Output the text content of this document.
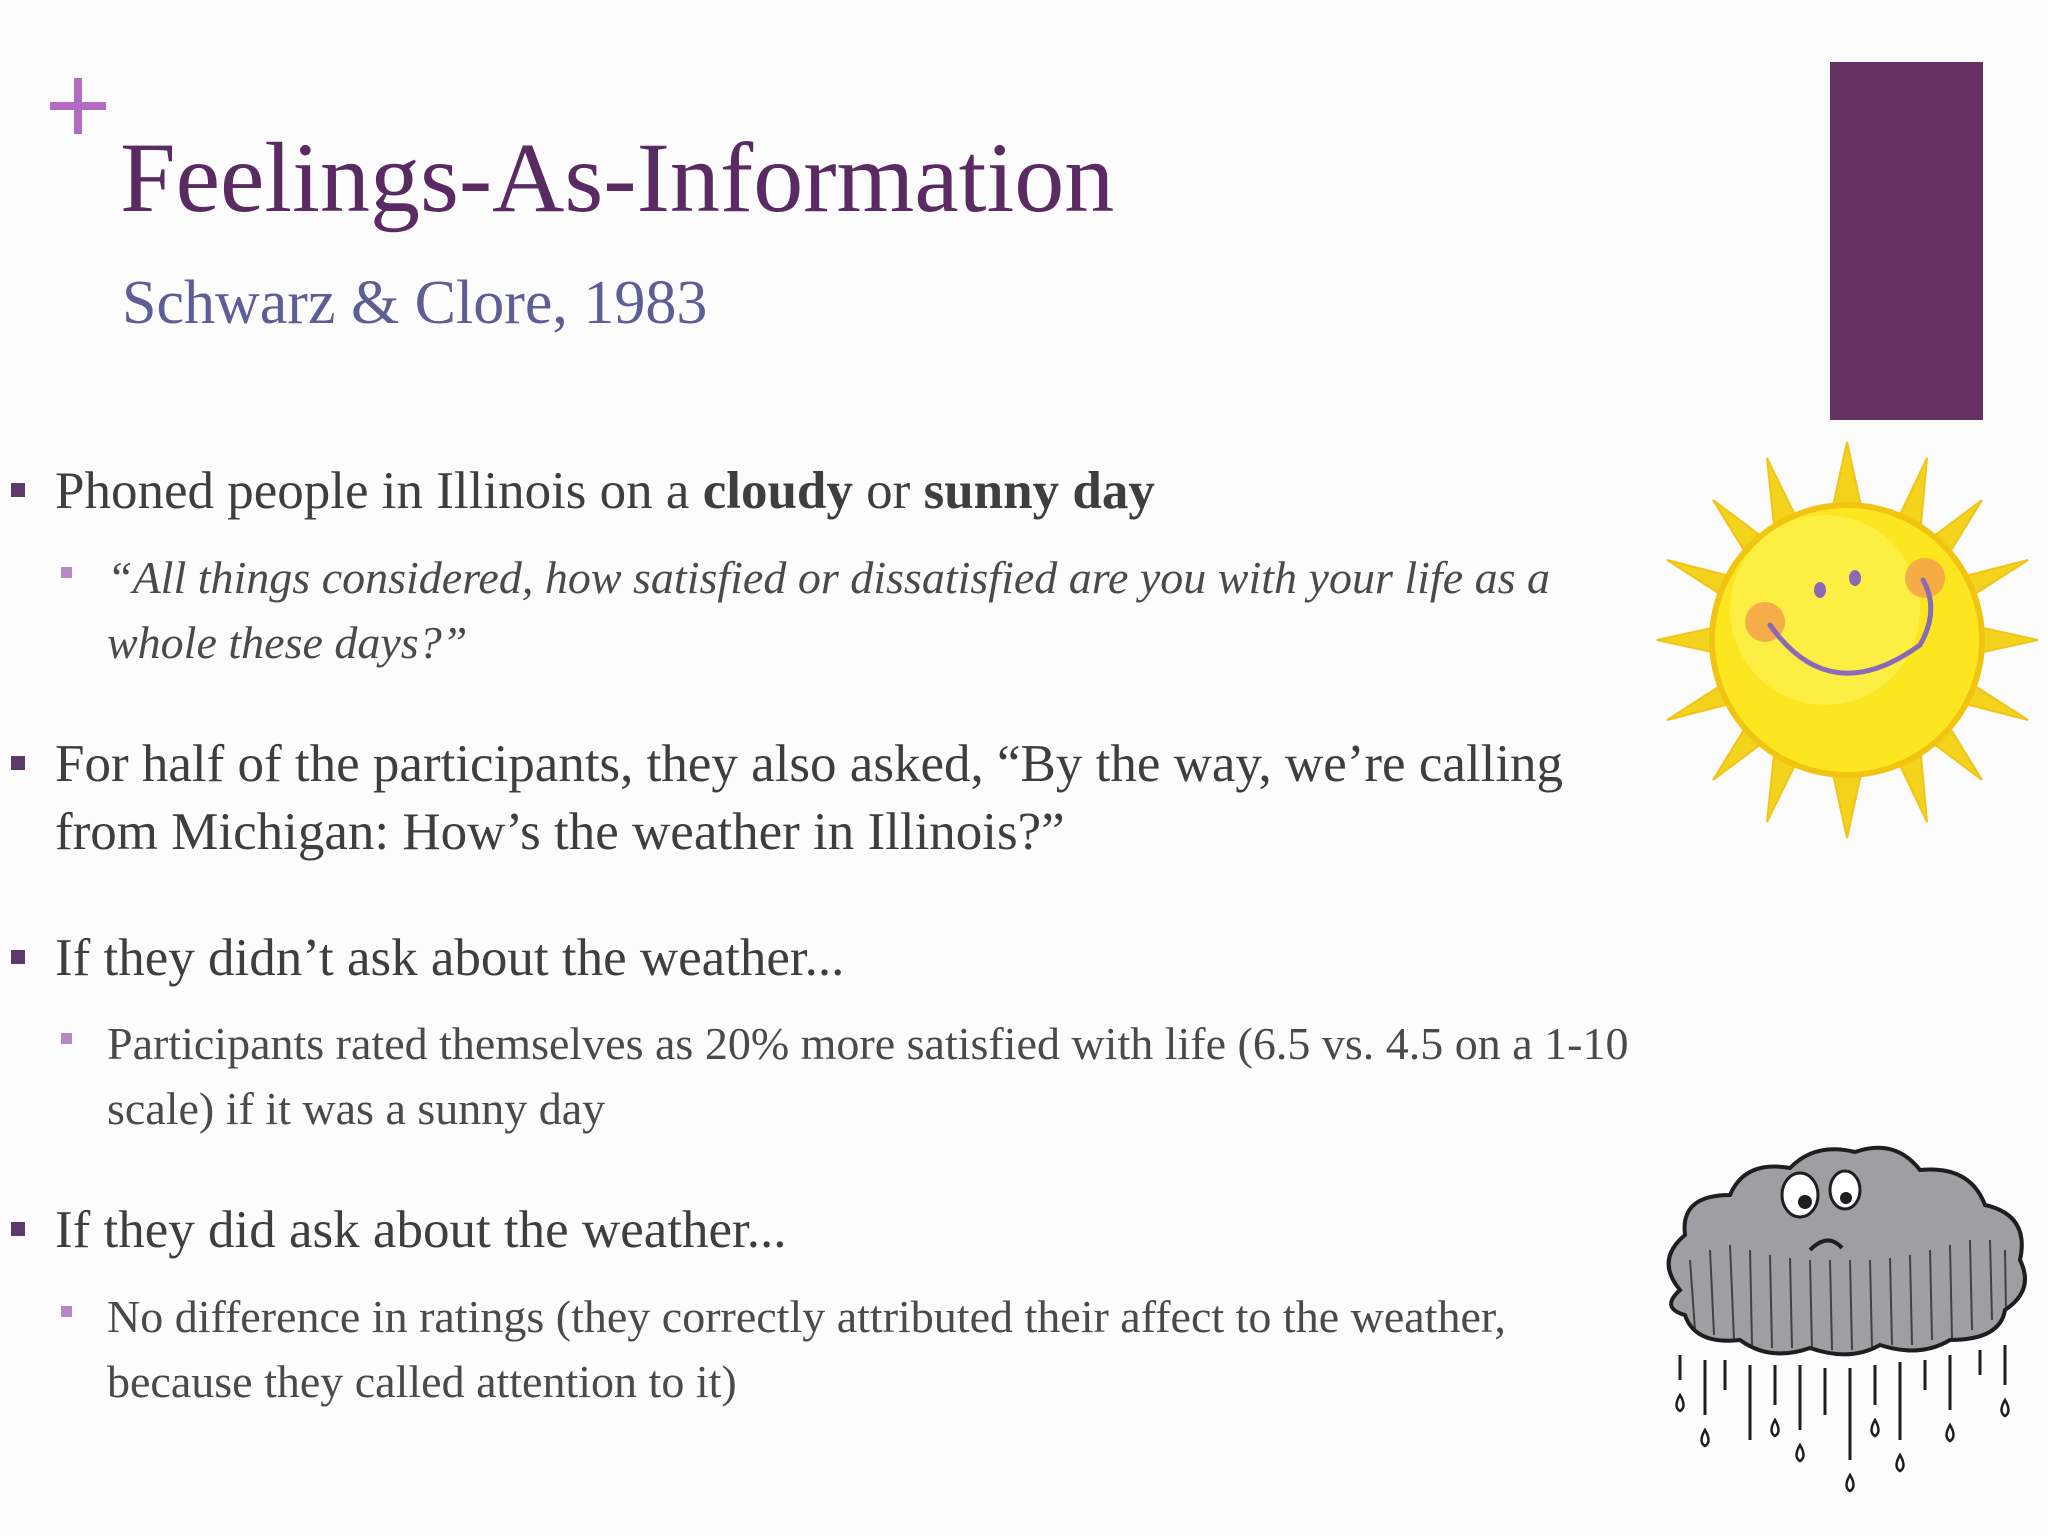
Feelings-As-Information
Schwarz & Clore, 1983
Phoned people in Illinois on a cloudy or sunny day
“All things considered, how satisfied or dissatisfied are you with your life as a whole these days?”
For half of the participants, they also asked, “By the way, we’re calling from Michigan: How’s the weather in Illinois?”
If they didn’t ask about the weather...
Participants rated themselves as 20% more satisfied with life (6.5 vs. 4.5 on a 1-10 scale) if it was a sunny day
If they did ask about the weather...
No difference in ratings (they correctly attributed their affect to the weather, because they called attention to it)
